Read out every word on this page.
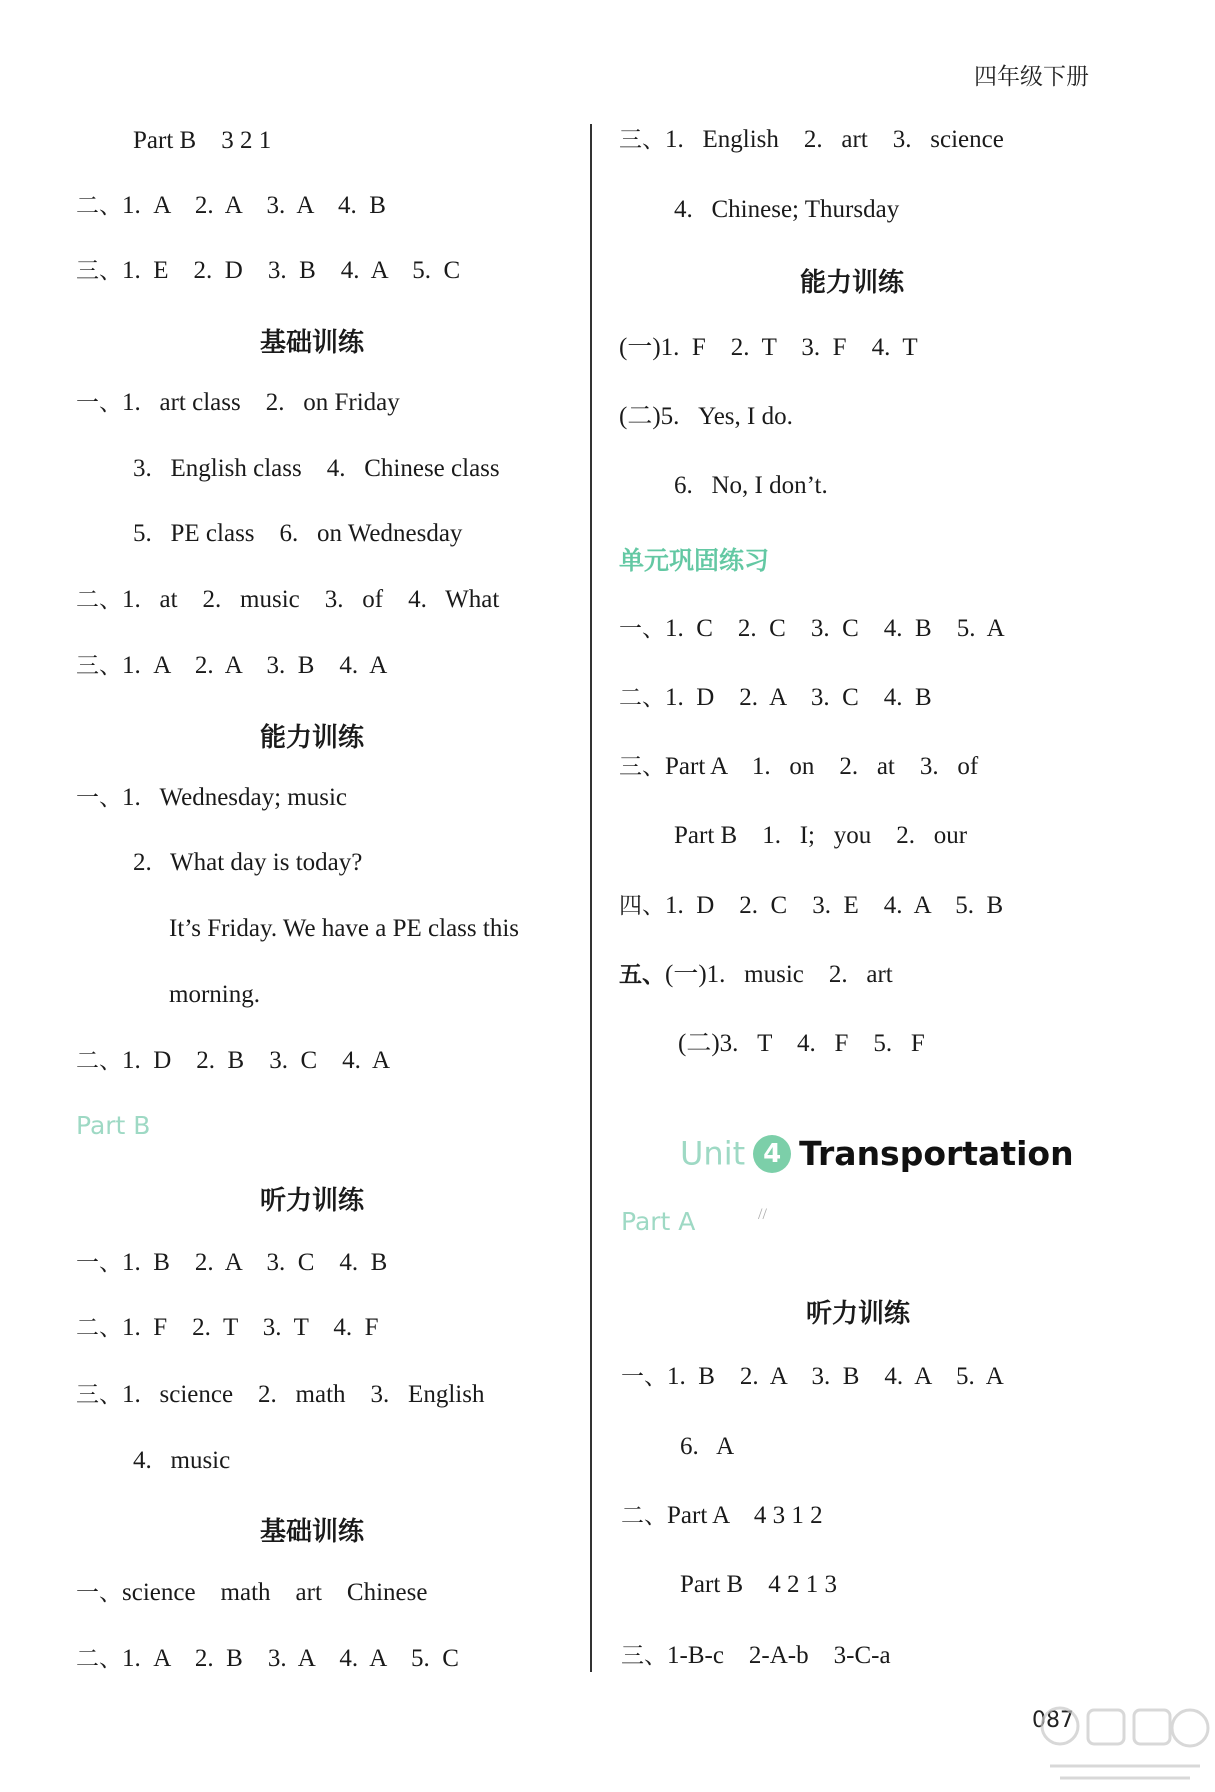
四年级下册
Part B　3 2 1
二、1.  A    2.  A    3.  A    4.  B
三、1.  E    2.  D    3.  B    4.  A    5.  C
基础训练
一、1.   art class    2.   on Friday
3.   English class    4.   Chinese class
5.   PE class    6.   on Wednesday
二、1.   at    2.   music    3.   of    4.   What
三、1.  A    2.  A    3.  B    4.  A
能力训练
一、1.   Wednesday; music
2.   What day is today?
It’s Friday. We have a PE class this
morning.
二、1.  D    2.  B    3.  C    4.  A
Part B
听力训练
一、1.  B    2.  A    3.  C    4.  B
二、1.  F    2.  T    3.  T    4.  F
三、1.   science    2.   math    3.   English
4.   music
基础训练
一、science    math    art    Chinese
二、1.  A    2.  B    3.  A    4.  A    5.  C
三、1.   English    2.   art    3.   science
4.   Chinese; Thursday
能力训练
(一)1.  F    2.  T    3.  F    4.  T
(二)5.   Yes, I do.
6.   No, I don’t.
单元巩固练习
一、1.  C    2.  C    3.  C    4.  B    5.  A
二、1.  D    2.  A    3.  C    4.  B
三、Part A    1.   on    2.   at    3.   of
Part B    1.   I;   you    2.   our
四、1.  D    2.  C    3.  E    4.  A    5.  B
五、(一)1.   music    2.   art
(二)3.   T    4.   F    5.   F

Unit 4 Transportation

Part A	//
听力训练
一、1.  B    2.  A    3.  B    4.  A    5.  A
6.   A
二、Part A    4 3 1 2
Part B    4 2 1 3
三、1-B-c    2-A-b    3-C-a
087
